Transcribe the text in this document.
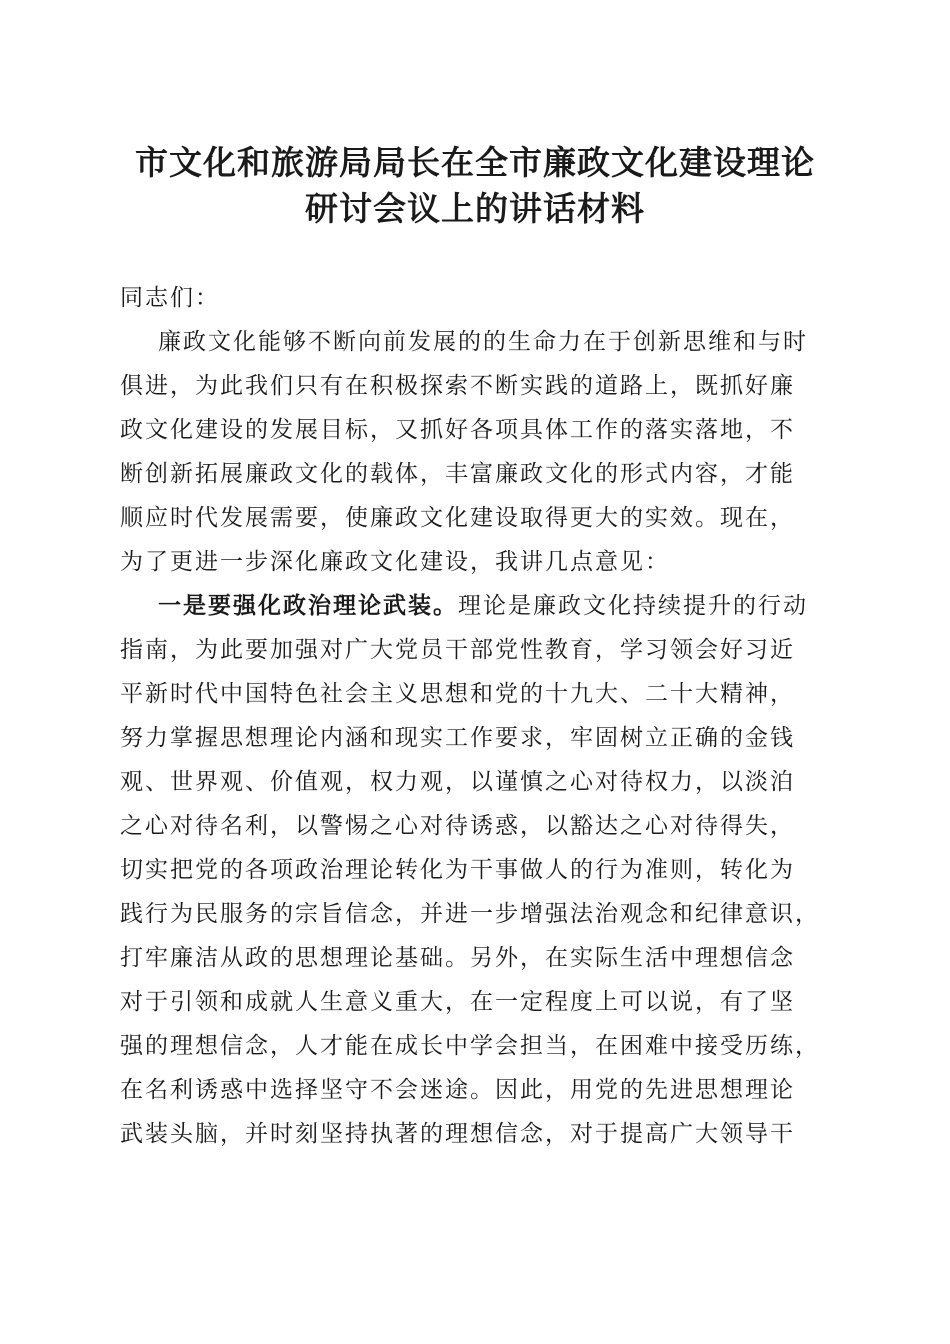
市文化和旅游局局长在全市廉政文化建设理论
研讨会议上的讲话材料
同志们：
廉政文化能够不断向前发展的的生命力在于创新思维和与时
俱进，为此我们只有在积极探索不断实践的道路上，既抓好廉
政文化建设的发展目标，又抓好各项具体工作的落实落地，不
断创新拓展廉政文化的载体，丰富廉政文化的形式内容，才能
顺应时代发展需要，使廉政文化建设取得更大的实效。现在，
为了更进一步深化廉政文化建设，我讲几点意见：
一是要强化政治理论武装。理论是廉政文化持续提升的行动
指南，为此要加强对广大党员干部党性教育，学习领会好习近
平新时代中国特色社会主义思想和党的十九大、二十大精神，
努力掌握思想理论内涵和现实工作要求，牢固树立正确的金钱
观、世界观、价值观，权力观，以谨慎之心对待权力，以淡泊
之心对待名利，以警惕之心对待诱惑，以豁达之心对待得失，
切实把党的各项政治理论转化为干事做人的行为准则，转化为
践行为民服务的宗旨信念，并进一步增强法治观念和纪律意识，
打牢廉洁从政的思想理论基础。另外，在实际生活中理想信念
对于引领和成就人生意义重大，在一定程度上可以说，有了坚
强的理想信念，人才能在成长中学会担当，在困难中接受历练，
在名利诱惑中选择坚守不会迷途。因此，用党的先进思想理论
武装头脑，并时刻坚持执著的理想信念，对于提高广大领导干
